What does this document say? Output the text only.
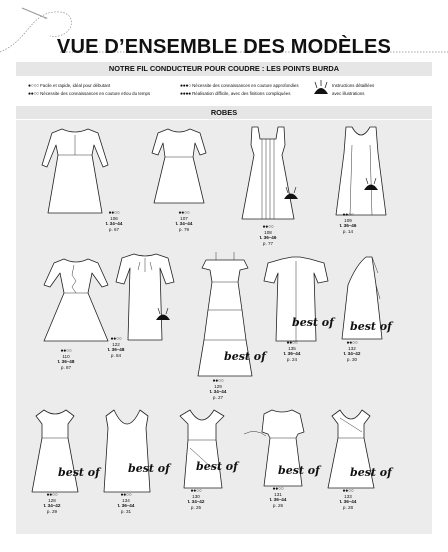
VUE D’ENSEMBLE DES MODÈLES
NOTRE FIL CONDUCTEUR POUR COUDRE : LES POINTS BURDA
●○○○ Facile et rapide, idéal pour débutant
●●○○ Nécessite des connaissances en couture et/ou du temps
●●●○ Nécessite des connaissances en couture approfondies
●●●● Réalisation difficile, avec des finitions compliquées
Instructions détaillées
avec illustrations
ROBES
●●○○
106
t. 34–44
p. 67
●●○○
107
t. 34–44
p. 79	●●○○
108
t. 36–46
p. 77
●●○○
109
t. 36–46
p. 14
best of
best of best of
●●○○
110
t. 36–48
p. 87
●●○○
122
t. 36–48
p. 84
●●○○
129
t. 34–44
p. 27
●●○○
135
t. 36–44
p. 24
●●○○
132
t. 34–42
p. 30
best of	best of best of	best of	best of
●●○○
128
t. 34–42
p. 29
●●○○
134
t. 36–44
p. 31
●●○○
130
t. 34–42
p. 25
●●○○
131
t. 36–44
p. 26
●●○○
133
t. 36–44
p. 28
